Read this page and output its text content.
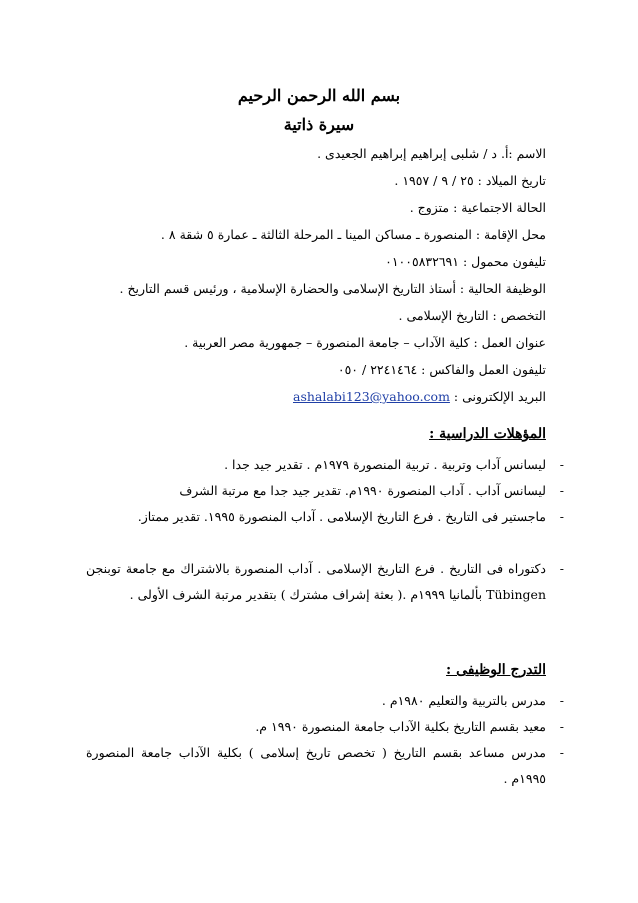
بسم الله الرحمن الرحيم
سيرة ذاتية
الاسم :أ. د / شلبى إبراهيم إبراهيم الجعيدى .
تاريخ الميلاد : ٢٥ / ٩ / ١٩٥٧ .
الحالة الاجتماعية : متزوج .
محل الإقامة : المنصورة ـ مساكن المينا ـ المرحلة الثالثة ـ عمارة ٥ شقة ٨ .
تليفون محمول : ٠١٠٠٥٨٣٢٦٩١
الوظيفة الحالية : أستاذ التاريخ الإسلامى والحضارة الإسلامية ، ورئيس قسم التاريخ .
التخصص : التاريخ الإسلامى .
عنوان العمل : كلية الآداب – جامعة المنصورة – جمهورية مصر العربية .
تليفون العمل والفاكس : ٢٢٤١٤٦٤ / ٠٥٠
البريد الإلكترونى : ashalabi123@yahoo.com
المؤهلات الدراسية :
-
ليسانس آداب وتربية . تربية المنصورة ١٩٧٩م . تقدير جيد جدا .
-
ليسانس آداب . آداب المنصورة ١٩٩٠م. تقدير جيد جدا مع مرتبة الشرف
-
ماجستير فى التاريخ . فرع التاريخ الإسلامى . آداب المنصورة ١٩٩٥. تقدير ممتاز.
-
دكتوراه فى التاريخ . فرع التاريخ الإسلامى . آداب المنصورة بالاشتراك مع جامعة توبنجن Tübingen بألمانيا ١٩٩٩م .( بعثة إشراف مشترك ) بتقدير مرتبة الشرف الأولى .
التدرج الوظيفى :
-
مدرس بالتربية والتعليم ١٩٨٠م .
-
معيد بقسم التاريخ بكلية الآداب جامعة المنصورة ١٩٩٠ م.
-
مدرس مساعد بقسم التاريخ ( تخصص تاريخ إسلامى ) بكلية الآداب جامعة المنصورة ١٩٩٥م .
